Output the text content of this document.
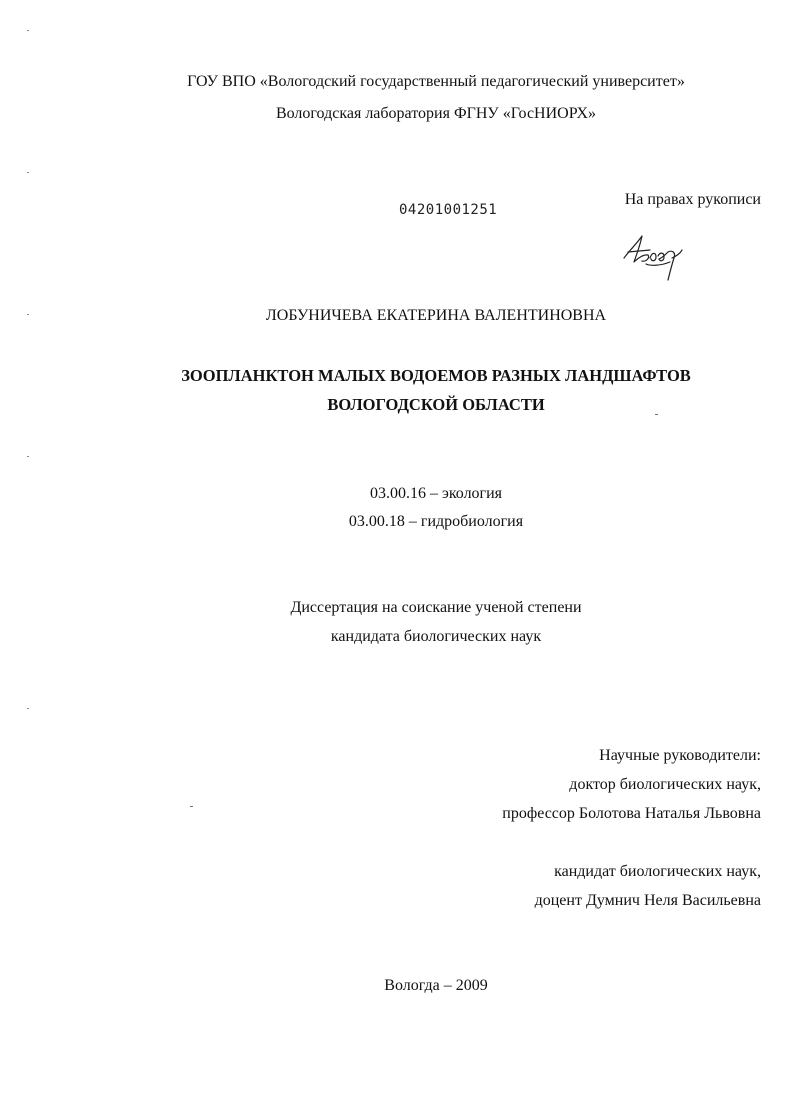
ГОУ ВПО «Вологодский государственный педагогический университет»
Вологодская лаборатория ФГНУ «ГосНИОРХ»
04201001251
На правах рукописи
ЛОБУНИЧЕВА ЕКАТЕРИНА ВАЛЕНТИНОВНА
ЗООПЛАНКТОН МАЛЫХ ВОДОЕМОВ РАЗНЫХ ЛАНДШАФТОВ
ВОЛОГОДСКОЙ ОБЛАСТИ
03.00.16 – экология
03.00.18 – гидробиология
Диссертация на соискание ученой степени
кандидата биологических наук
Научные руководители:
доктор биологических наук,
профессор Болотова Наталья Львовна
кандидат биологических наук,
доцент Думнич Неля Васильевна
Вологда – 2009
